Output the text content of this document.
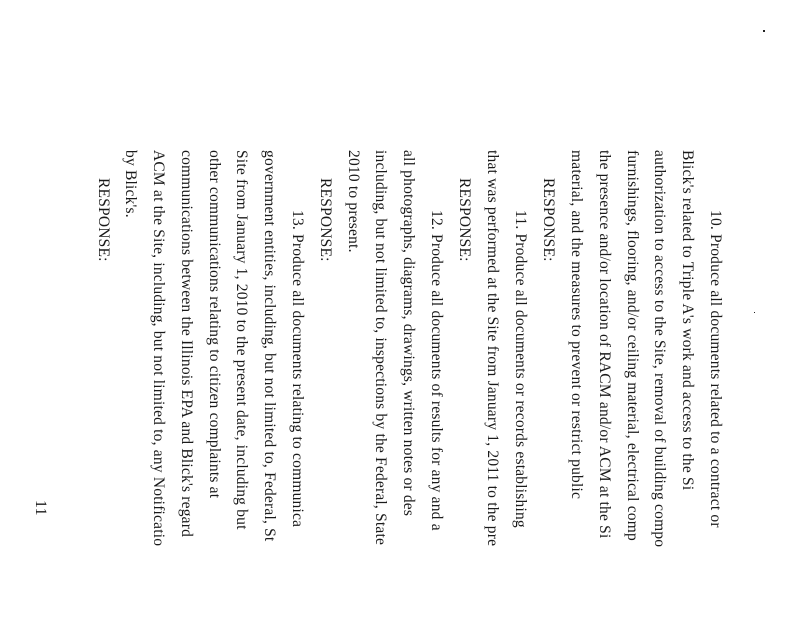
10. Produce all documents related to a contract or
Blick's related to Triple A's work and access to the Si
authorization to access to the Site, removal of building compo
furnishings, flooring, and/or ceiling material, electrical comp
the presence and/or location of RACM and/or ACM at the Si
material, and the measures to prevent or restrict public
RESPONSE:
11. Produce all documents or records establishing
that was performed at the Site from January 1, 2011 to the pre
RESPONSE:
12. Produce all documents of results for any and a
all photographs, diagrams, drawings, written notes or des
including, but not limited to, inspections by the Federal, State
2010 to present.
RESPONSE:
13. Produce all documents relating to communica
government entities, including, but not limited to, Federal, St
Site from January 1, 2010 to the present date, including but
other communications relating to citizen complaints at
communications between the Illinois EPA and Blick's regard
ACM at the Site, including, but not limited to, any Notificatio
by Blick's.
RESPONSE:
11
